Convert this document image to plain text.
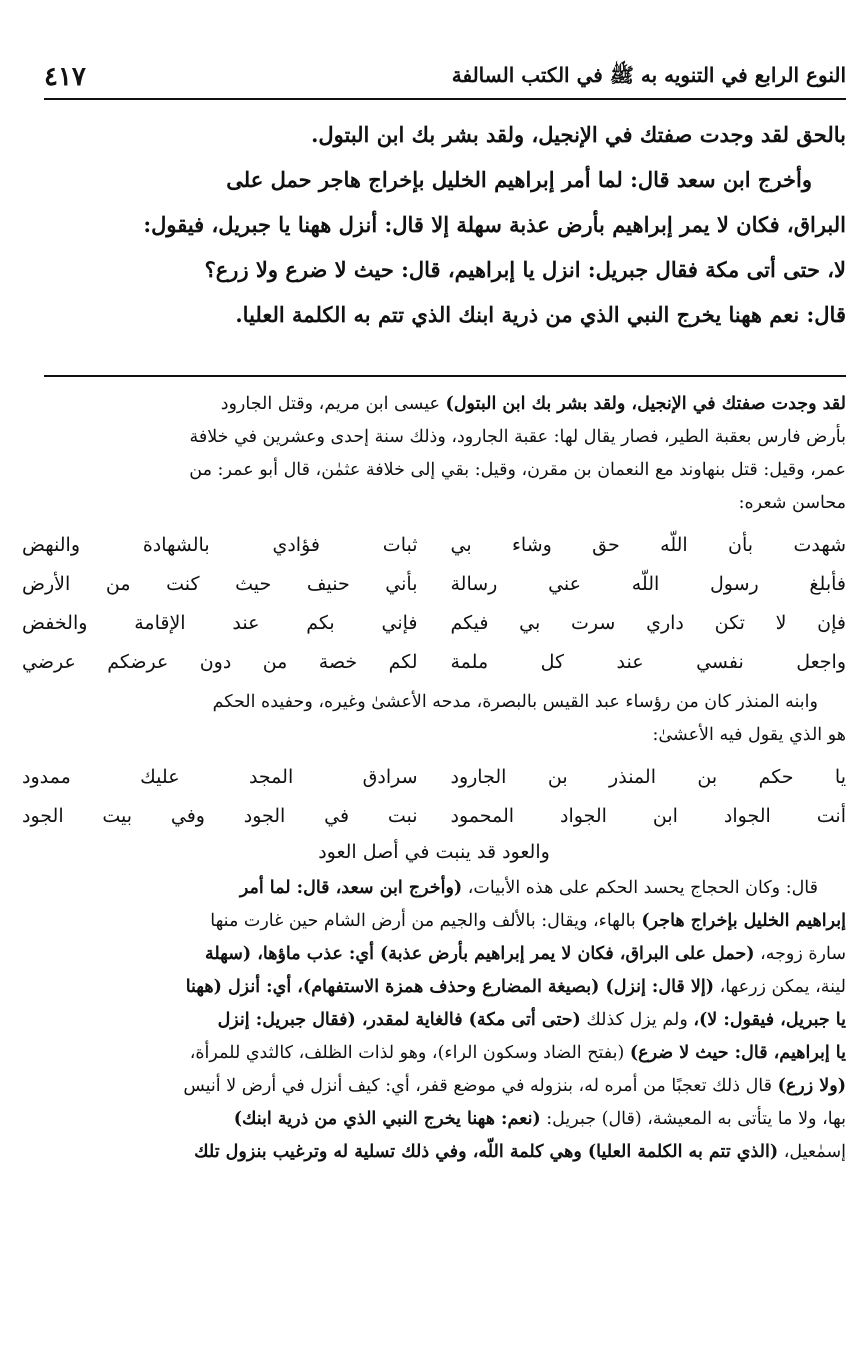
النوع الرابع في التنويه به ﷺ في الكتب السالفة
٤١٧

بالحق لقد وجدت صفتك في الإنجيل، ولقد بشر بك ابن البتول.

وأخرج ابن سعد قال: لما أمر إبراهيم الخليل بإخراج هاجر حمل على

البراق، فكان لا يمر إبراهيم بأرض عذبة سهلة إلا قال: أنزل ههنا يا جبريل، فيقول:

لا، حتى أتى مكة فقال جبريل: انزل يا إبراهيم، قال: حيث لا ضرع ولا زرع؟

قال: نعم ههنا يخرج النبي الذي من ذرية ابنك الذي تتم به الكلمة العليا.

لقد وجدت صفتك في الإنجيل، ولقد بشر بك ابن البتول) عيسى ابن مريم، وقتل الجارود

بأرض فارس بعقبة الطير، فصار يقال لها: عقبة الجارود، وذلك سنة إحدى وعشرين في خلافة

عمر، وقيل: قتل بنهاوند مع النعمان بن مقرن، وقيل: بقي إلى خلافة عثمٰن، قال أبو عمر: من

محاسن شعره:

شهدت بأن اللّه حق وشاء بي
ثبات فؤادي بالشهادة والنهض
فأبلغ رسول اللّه عني رسالة
بأني حنيف حيث كنت من الأرض
فإن لا تكن داري سرت بي فيكم
فإني بكم عند الإقامة والخفض
واجعل نفسي عند كل ملمة
لكم خصة من دون عرضكم عرضي

وابنه المنذر كان من رؤساء عبد القيس بالبصرة، مدحه الأعشىٰ وغيره، وحفيده الحكم

هو الذي يقول فيه الأعشىٰ:

يا حكم بن المنذر بن الجارود
سرادق المجد عليك ممدود
أنت الجواد ابن الجواد المحمود
نبت في الجود وفي بيت الجود
والعود قد ينبت في أصل العود

قال: وكان الحجاج يحسد الحكم على هذه الأبيات، (وأخرج ابن سعد، قال: لما أمر

إبراهيم الخليل بإخراج هاجر) بالهاء، ويقال: بالألف والجيم من أرض الشام حين غارت منها

سارة زوجه، (حمل على البراق، فكان لا يمر إبراهيم بأرض عذبة) أي: عذب ماؤها، (سهلة

لينة، يمكن زرعها، (إلا قال: إنزل) (بصيغة المضارع وحذف همزة الاستفهام)، أي: أنزل (ههنا

يا جبريل، فيقول: لا)، ولم يزل كذلك (حتى أتى مكة) فالغاية لمقدر، (فقال جبريل: إنزل

يا إبراهيم، قال: حيث لا ضرع) (بفتح الضاد وسكون الراء)، وهو لذات الظلف، كالثدي للمرأة،

(ولا زرع) قال ذلك تعجبًا من أمره له، بنزوله في موضع قفر، أي: كيف أنزل في أرض لا أنيس

بها، ولا ما يتأتى به المعيشة، (قال) جبريل: (نعم: ههنا يخرج النبي الذي من ذرية ابنك)

إسمٰعيل، (الذي تتم به الكلمة العليا) وهي كلمة اللّه، وفي ذلك تسلية له وترغيب بنزول تلك
